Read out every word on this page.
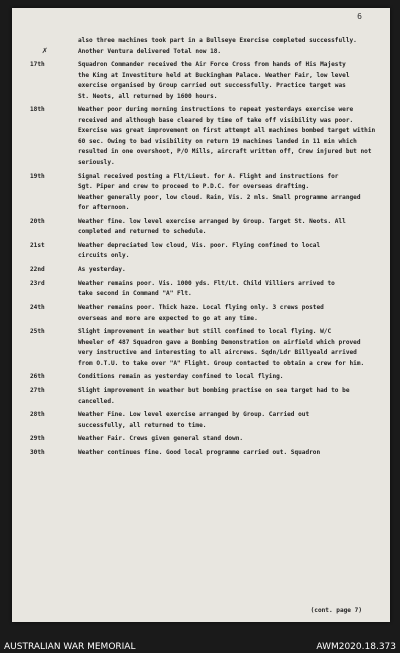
6
✗
also three machines took part in a Bullseye Exercise completed successfully.
Another Ventura delivered Total now 18.
17th	Squadron Commander received the Air Force Cross from hands of His Majesty
the King at Investiture held at Buckingham Palace. Weather Fair, low level
exercise organised by Group carried out successfully. Practice target was
St. Neots, all returned by 1600 hours.
18th	Weather poor during morning instructions to repeat yesterdays exercise were
received and although base cleared by time of take off visibility was poor.
Exercise was great improvement on first attempt all machines bombed target within
60 sec. Owing to bad visibility on return 19 machines landed in 11 min which
resulted in one overshoot, P/O Mills, aircraft written off, Crew injured but not
seriously.
19th	Signal received posting a Flt/Lieut. for A. Flight and instructions for
Sgt. Piper and crew to proceed to P.D.C. for overseas drafting.
Weather generally poor, low cloud. Rain, Vis. 2 mls. Small programme arranged
for afternoon.
20th	Weather fine. low level exercise arranged by Group. Target St. Neots. All
completed and returned to schedule.
21st	Weather depreciated low cloud, Vis. poor. Flying confined to local
circuits only.
22nd	As yesterday.
23rd	Weather remains poor. Vis. 1000 yds. Flt/Lt. Child Villiers arrived to
take second in Command "A" Flt.
24th	Weather remains poor. Thick haze. Local flying only. 3 crews posted
overseas and more are expected to go at any time.
25th	Slight improvement in weather but still confined to local flying. W/C
Wheeler of 487 Squadron gave a Bombing Demonstration on airfield which proved
very instructive and interesting to all aircrews. Sqdn/Ldr Billyeald arrived
from O.T.U. to take over "A" Flight. Group contacted to obtain a crew for him.
26th	Conditions remain as yesterday confined to local flying.
27th	Slight improvement in weather but bombing practise on sea target had to be
cancelled.
28th	Weather Fine. Low level exercise arranged by Group. Carried out
successfully, all returned to time.
29th	Weather Fair. Crews given general stand down.
30th	Weather continues fine. Good local programme carried out. Squadron
(cont. page 7)
AUSTRALIAN WAR MEMORIAL	AWM2020.18.373
